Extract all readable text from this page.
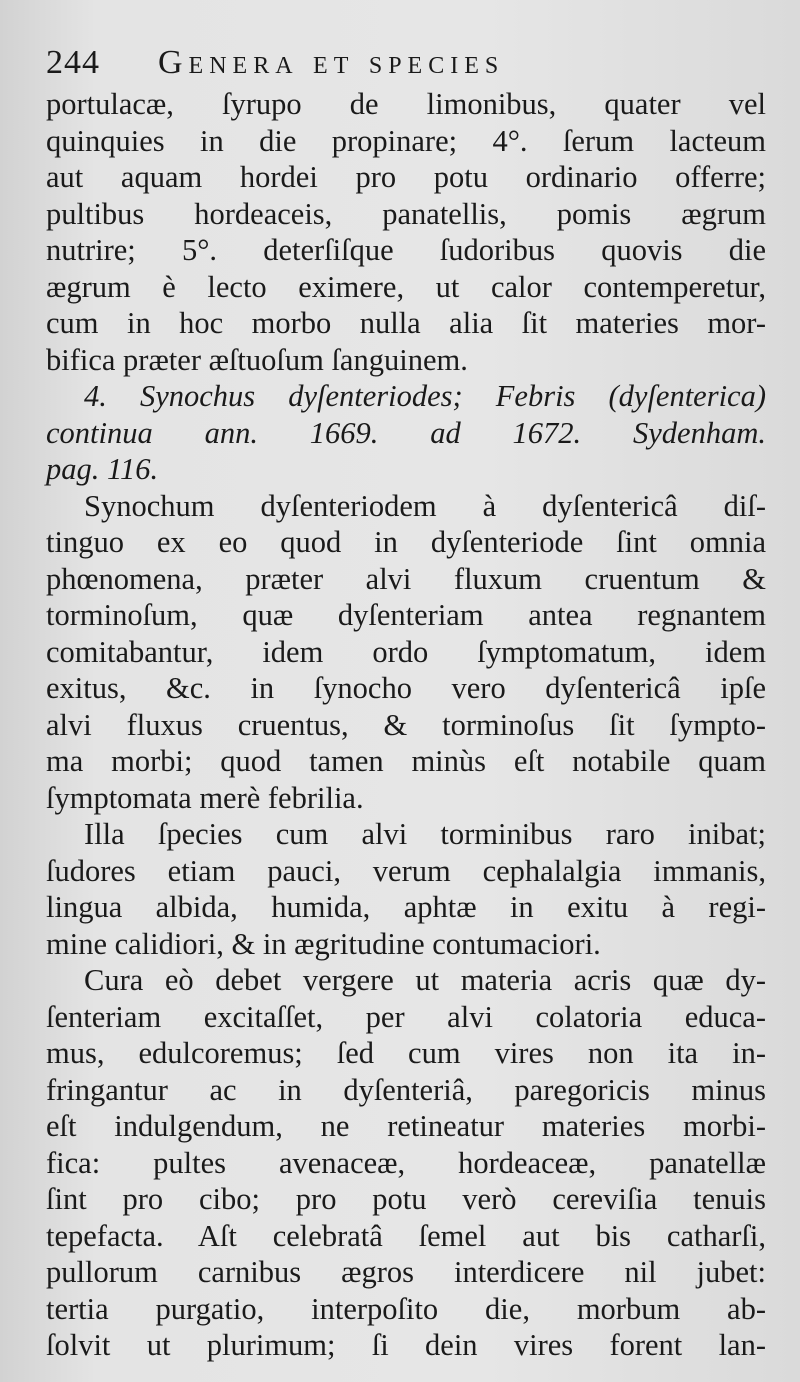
244 Genera et species
portulacæ, ſyrupo de limonibus, quater vel
quinquies in die propinare; 4°. ſerum lacteum
aut aquam hordei pro potu ordinario offerre;
pultibus hordeaceis, panatellis, pomis ægrum
nutrire; 5°. deterſiſque ſudoribus quovis die
ægrum è lecto eximere, ut calor contemperetur,
cum in hoc morbo nulla alia ſit materies mor-
bifica præter æſtuoſum ſanguinem.
4. Synochus dyſenteriodes; Febris (dyſenterica)
continua ann. 1669. ad 1672. Sydenham.
pag. 116.
Synochum dyſenteriodem à dyſentericâ diſ-
tinguo ex eo quod in dyſenteriode ſint omnia
phœnomena, præter alvi fluxum cruentum &
torminoſum, quæ dyſenteriam antea regnantem
comitabantur, idem ordo ſymptomatum, idem
exitus, &c. in ſynocho vero dyſentericâ ipſe
alvi fluxus cruentus, & torminoſus ſit ſympto-
ma morbi; quod tamen minùs eſt notabile quam
ſymptomata merè febrilia.
Illa ſpecies cum alvi torminibus raro inibat;
ſudores etiam pauci, verum cephalalgia immanis,
lingua albida, humida, aphtæ in exitu à regi-
mine calidiori, & in ægritudine contumaciori.
Cura eò debet vergere ut materia acris quæ dy-
ſenteriam excitaſſet, per alvi colatoria educa-
mus, edulcoremus; ſed cum vires non ita in-
fringantur ac in dyſenteriâ, paregoricis minus
eſt indulgendum, ne retineatur materies morbi-
fica: pultes avenaceæ, hordeaceæ, panatellæ
ſint pro cibo; pro potu verò cereviſia tenuis
tepefacta. Aſt celebratâ ſemel aut bis catharſi,
pullorum carnibus ægros interdicere nil jubet:
tertia purgatio, interpoſito die, morbum ab-
ſolvit ut plurimum; ſi dein vires forent lan-
